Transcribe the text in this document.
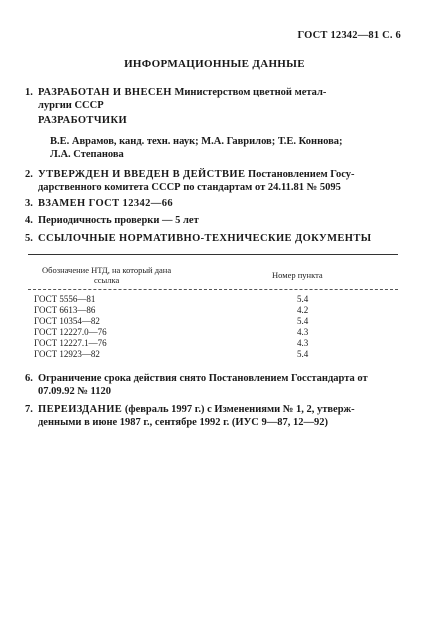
ГОСТ 12342—81 С. 6
ИНФОРМАЦИОННЫЕ ДАННЫЕ
1. РАЗРАБОТАН И ВНЕСЕН Министерством цветной метал-
лургии СССР
РАЗРАБОТЧИКИ
В.Е. Аврамов, канд. техн. наук; М.А. Гаврилов; Т.Е. Коннова;
Л.А. Степанова
2. УТВЕРЖДЕН И ВВЕДЕН В ДЕЙСТВИЕ Постановлением Госу-
дарственного комитета СССР по стандартам от 24.11.81 № 5095
3. ВЗАМЕН ГОСТ 12342—66
4. Периодичность проверки — 5 лет
5. ССЫЛОЧНЫЕ НОРМАТИВНО-ТЕХНИЧЕСКИЕ ДОКУМЕНТЫ
Обозначение НТД, на который дана
ссылка	Номер пункта
ГОСТ 5556—81	5.4
ГОСТ 6613—86	4.2
ГОСТ 10354—82	5.4
ГОСТ 12227.0—76	4.3
ГОСТ 12227.1—76	4.3
ГОСТ 12923—82	5.4
6. Ограничение срока действия снято Постановлением Госстандарта от
07.09.92 № 1120
7. ПЕРЕИЗДАНИЕ (февраль 1997 г.) с Изменениями № 1, 2, утверж-
денными в июне 1987 г., сентябре 1992 г. (ИУС 9—87, 12—92)
